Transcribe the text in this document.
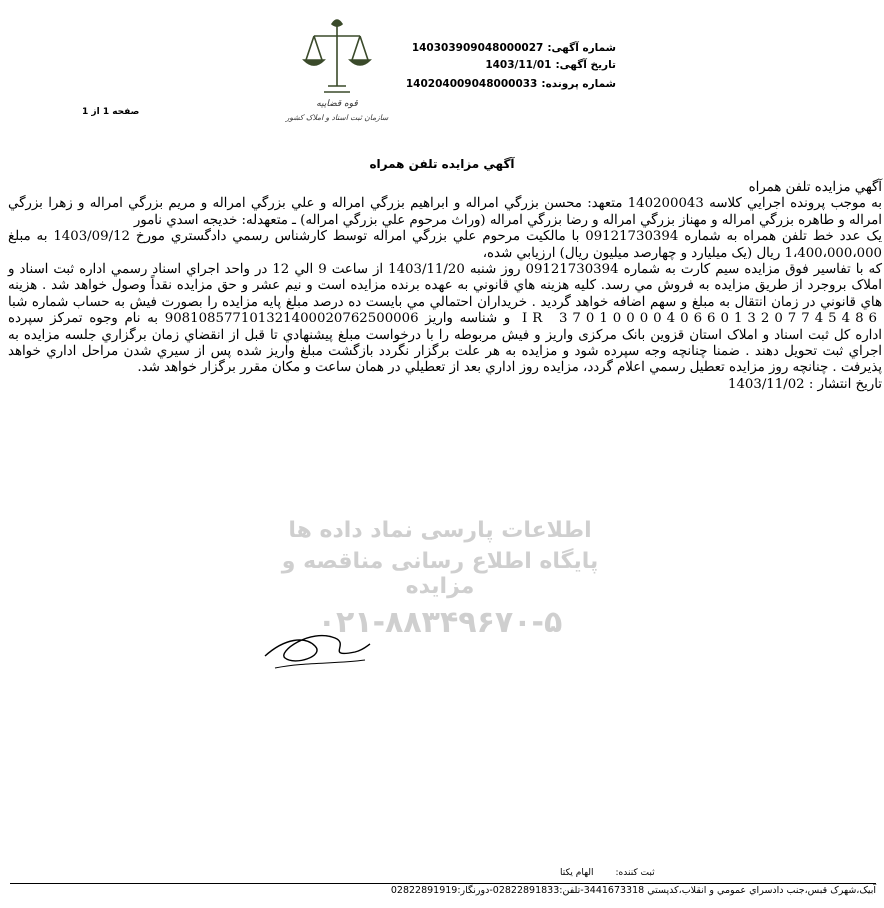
شماره آگهی:140303909048000027
تاریخ آگهی:1403/11/01
شماره پرونده:140204009048000033
قوه قضاییه
سازمان ثبت اسناد و املاک کشور
صفحه 1 از 1
آگهي مزايده تلفن همراه
اطلاعات پارسی نماد داده ها
پایگاه اطلاع رسانی مناقصه و مزایده
۰۲۱-۸۸۳۴۹۶۷۰-۵

آگهي مزايده تلفن همراه

به موجب پرونده اجرايي كلاسه 140200043 متعهد: محسن بزرگي امراله و ابراهيم بزرگي امراله و علي بزرگي امراله و مريم بزرگي امراله و زهرا بزرگي امراله و طاهره بزرگي امراله و مهناز بزرگي امراله و رضا بزرگي امراله (وراث مرحوم علي بزرگي امراله) ـ متعهدله: خديجه اسدي نامور

يک عدد خط تلفن همراه به شماره 09121730394 با مالكيت مرحوم علي بزرگي امراله توسط كارشناس رسمي دادگستري مورخ 1403/09/12 به مبلغ 1،400،000،000 ريال (يک ميليارد و چهارصد ميليون ريال) ارزيابي شده،

كه با تفاسير فوق مزايده سيم كارت به شماره 09121730394 روز شنبه 1403/11/20 از ساعت 9 الي 12 در واحد اجراي اسناد رسمي اداره ثبت اسناد و املاک بروجرد از طريق مزايده به فروش مي رسد. كليه هزينه هاي قانوني به عهده برنده مزايده است و نيم عشر و حق مزايده نقداً وصول خواهد شد . هزينه هاي قانوني در زمان انتقال به مبلغ و سهم اضافه خواهد گرديد . خريداران احتمالي مي بايست ده درصد مبلغ پايه مزايده را بصورت فيش به حساب شماره شبا IR 370100004066013207745486 و شناسه واريز 908108577101321400020762500006 به نام وجوه تمركز سپرده اداره كل ثبت اسناد و املاک استان قزوين بانک مركزی واريز و فيش مربوطه را با درخواست مبلغ پيشنهادي تا قبل از انقضاي زمان برگزاري جلسه مزايده به اجراي ثبت تحويل دهند . ضمنا چنانچه وجه سپرده شود و مزايده به هر علت برگزار نگردد بازگشت مبلغ واريز شده پس از سيري شدن مراحل اداري خواهد پذيرفت . چنانچه روز مزايده تعطيل رسمي اعلام گردد، مزايده روز اداري بعد از تعطيلي در همان ساعت و مكان مقرر برگزار خواهد شد.

تاريخ انتشار : 1403/11/02

ثبت کننده:الهام یکتا
آبیک،شهرک قبس،جنب دادسراي عمومي و انقلاب،كدپستي 3441673318-تلفن:02822891833-دورنگار:02822891919
